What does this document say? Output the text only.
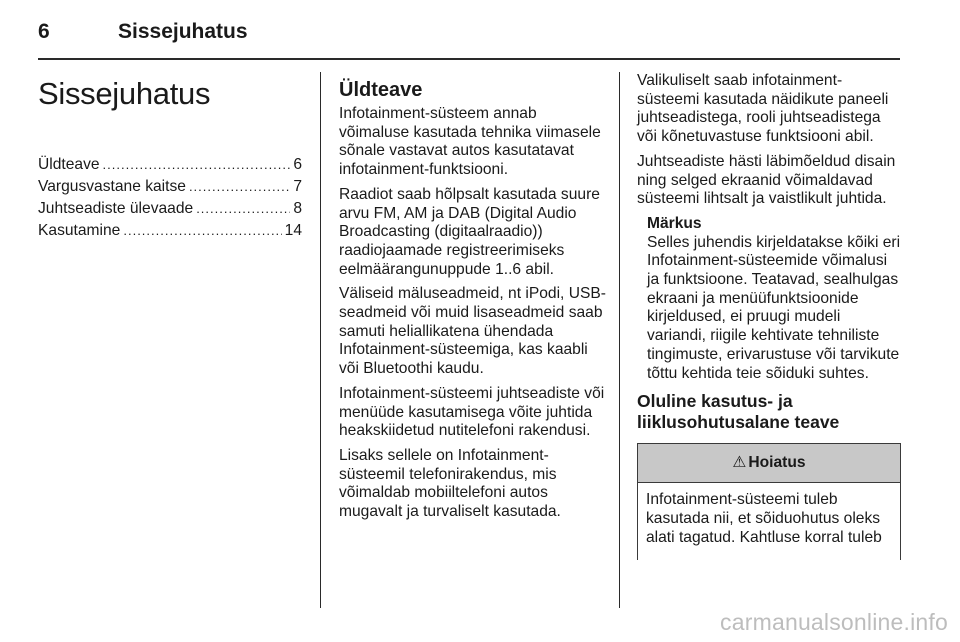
6	Sissejuhatus
Sissejuhatus
Üldteave .....	6
Vargusvastane kaitse .....	7
Juhtseadiste ülevaade .....	8
Kasutamine .....	14
Üldteave

Infotainment-süsteem annab võimaluse kasutada tehnika viimasele sõnale vastavat autos kasutatavat infotainment-funktsiooni.

Raadiot saab hõlpsalt kasutada suure arvu FM, AM ja DAB (Digital Audio Broadcasting (digitaalraadio)) raadiojaamade registreerimiseks eelmäärangunuppude 1..6 abil.

Väliseid mäluseadmeid, nt iPodi, USB-seadmeid või muid lisaseadmeid saab samuti heliallikatena ühendada Infotainment-süsteemiga, kas kaabli või Bluetoothi kaudu.

Infotainment-süsteemi juhtseadiste või menüüde kasutamisega võite juhtida heakskiidetud nutitelefoni rakendusi.

Lisaks sellele on Infotainment-süsteemil telefonirakendus, mis võimaldab mobiiltelefoni autos mugavalt ja turvaliselt kasutada.

Valikuliselt saab infotainment-süsteemi kasutada näidikute paneeli juhtseadistega, rooli juhtseadistega või kõnetuvastuse funktsiooni abil.

Juhtseadiste hästi läbimõeldud disain ning selged ekraanid võimaldavad süsteemi lihtsalt ja vaistlikult juhtida.

Märkus
Selles juhendis kirjeldatakse kõiki eri Infotainment-süsteemide võimalusi ja funktsioone. Teatavad, sealhulgas ekraani ja menüüfunktsioonide kirjeldused, ei pruugi mudeli variandi, riigile kehtivate tehniliste tingimuste, erivarustuse või tarvikute tõttu kehtida teie sõiduki suhtes.
Oluline kasutus- ja liiklusohutusalane teave
⚠ Hoiatus
Infotainment-süsteemi tuleb kasutada nii, et sõiduohutus oleks alati tagatud. Kahtluse korral tuleb
carmanualsonline.info
